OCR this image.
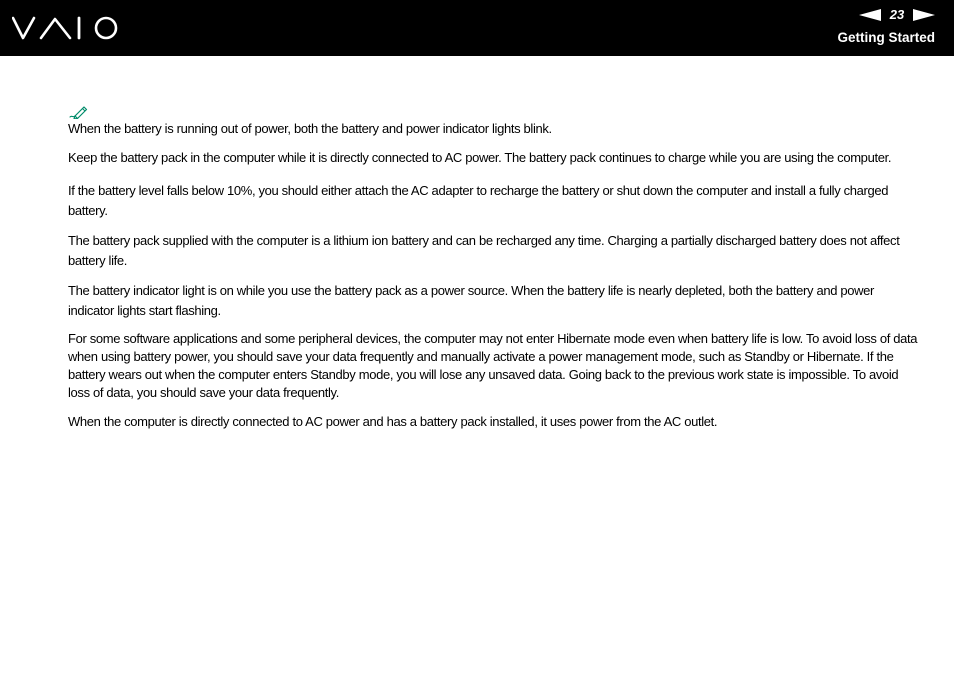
23
Getting Started

When the battery is running out of power, both the battery and power indicator lights blink.

Keep the battery pack in the computer while it is directly connected to AC power. The battery pack continues to charge while you are using the computer.

If the battery level falls below 10%, you should either attach the AC adapter to recharge the battery or shut down the computer and install a fully charged battery.

The battery pack supplied with the computer is a lithium ion battery and can be recharged any time. Charging a partially discharged battery does not affect battery life.

The battery indicator light is on while you use the battery pack as a power source. When the battery life is nearly depleted, both the battery and power indicator lights start flashing.

For some software applications and some peripheral devices, the computer may not enter Hibernate mode even when battery life is low. To avoid loss of data when using battery power, you should save your data frequently and manually activate a power management mode, such as Standby or Hibernate. If the battery wears out when the computer enters Standby mode, you will lose any unsaved data. Going back to the previous work state is impossible. To avoid loss of data, you should save your data frequently.

When the computer is directly connected to AC power and has a battery pack installed, it uses power from the AC outlet.
